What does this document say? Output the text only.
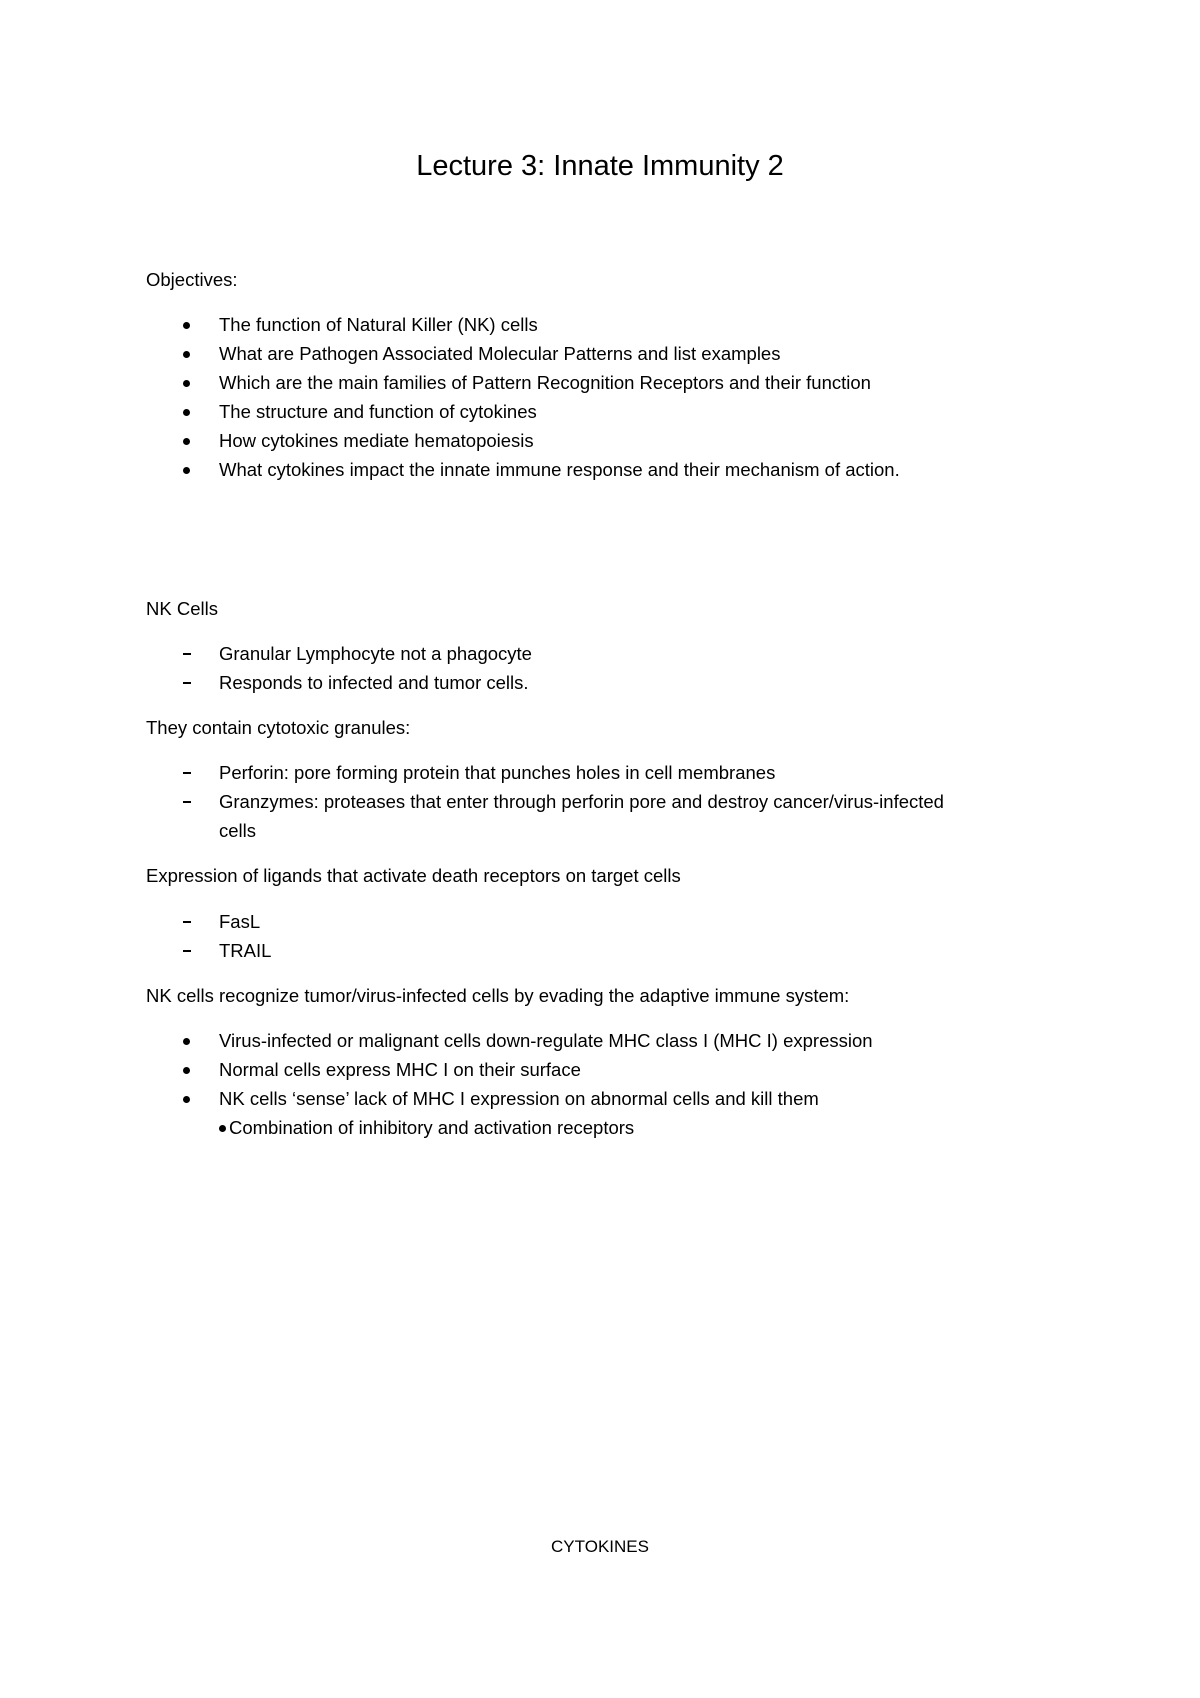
Lecture 3: Innate Immunity 2
Objectives:
The function of Natural Killer (NK) cells
What are Pathogen Associated Molecular Patterns and list examples
Which are the main families of Pattern Recognition Receptors and their function
The structure and function of cytokines
How cytokines mediate hematopoiesis
What cytokines impact the innate immune response and their mechanism of action.
NK Cells
Granular Lymphocyte not a phagocyte
Responds to infected and tumor cells.
They contain cytotoxic granules:
Perforin: pore forming protein that punches holes in cell membranes
Granzymes: proteases that enter through perforin pore and destroy cancer/virus-infected
cells
Expression of ligands that activate death receptors on target cells
FasL
TRAIL
NK cells recognize tumor/virus-infected cells by evading the adaptive immune system:
Virus-infected or malignant cells down-regulate MHC class I (MHC I) expression
Normal cells express MHC I on their surface
NK cells ‘sense’ lack of MHC I expression on abnormal cells and kill them
Combination of inhibitory and activation receptors
CYTOKINES
